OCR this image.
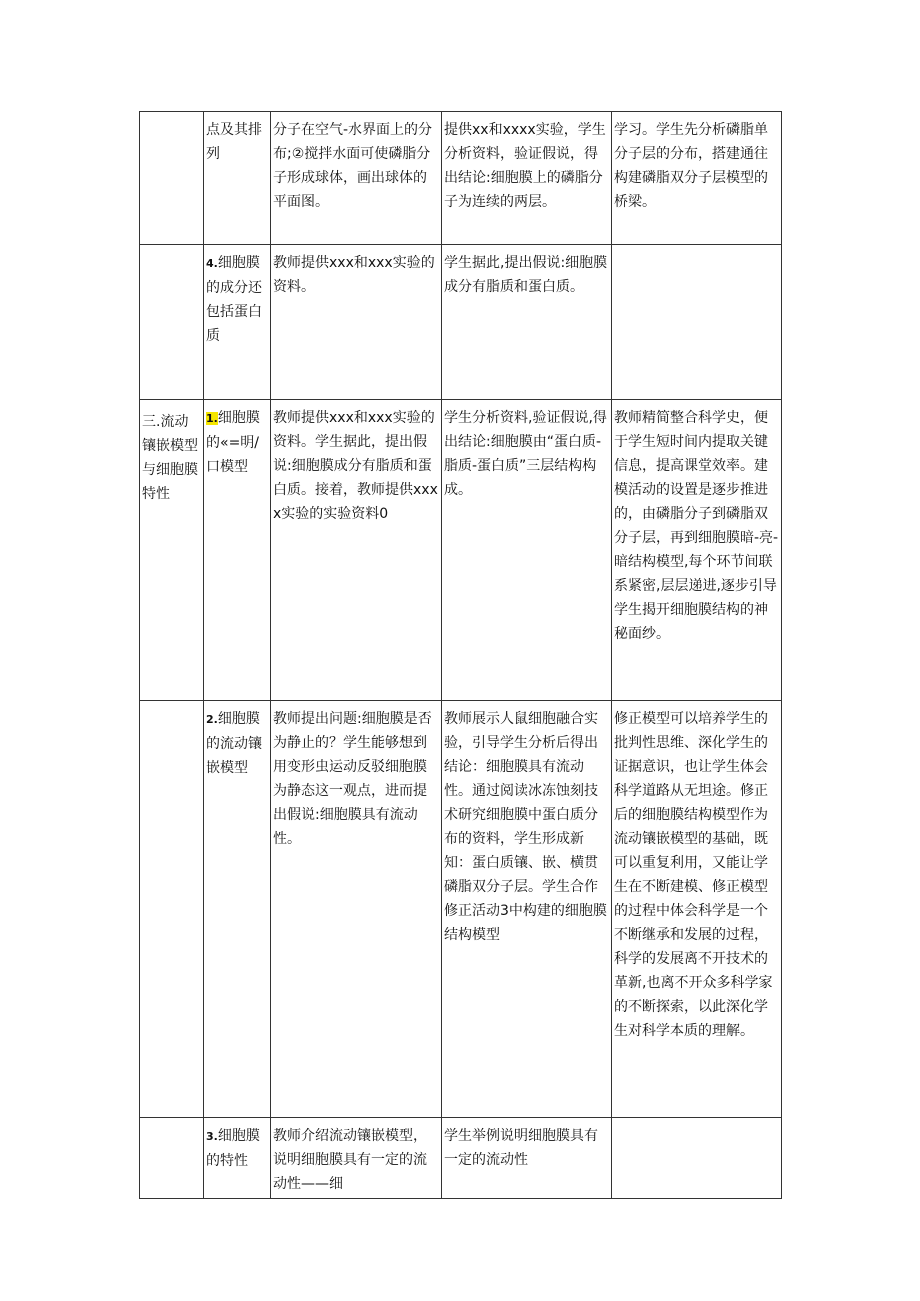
	点及其排列	分子在空气-水界面上的分布;②搅拌水面可使磷脂分子形成球体，画出球体的平面图。	提供xx和xxxx实验，学生分析资料，验证假说，得出结论:细胞膜上的磷脂分子为连续的两层。	学习。学生先分析磷脂单分子层的分布，搭建通往构建磷脂双分子层模型的桥梁。
	4.细胞膜的成分还包括蛋白质	教师提供xxx和xxx实验的资料。	学生据此,提出假说:细胞膜成分有脂质和蛋白质。	
三.流动镶嵌模型与细胞膜特性	1.细胞膜的«=明/口模型	教师提供xxx和xxx实验的资料。学生据此，提出假说:细胞膜成分有脂质和蛋白质。接着，教师提供xxxx实验的实验资料0	学生分析资料,验证假说,得出结论:细胞膜由“蛋白质-脂质-蛋白质”三层结构构成。	教师精简整合科学史，便于学生短时间内提取关键信息，提高课堂效率。建模活动的设置是逐步推进的，由磷脂分子到磷脂双分子层，再到细胞膜暗-亮-暗结构模型,每个环节间联系紧密,层层递进,逐步引导学生揭开细胞膜结构的神秘面纱。
	2.细胞膜的流动镶嵌模型	教师提出问题:细胞膜是否为静止的？学生能够想到用变形虫运动反驳细胞膜为静态这一观点，进而提出假说:细胞膜具有流动性。	教师展示人鼠细胞融合实验，引导学生分析后得出结论：细胞膜具有流动性。通过阅读冰冻蚀刻技术研究细胞膜中蛋白质分布的资料，学生形成新知：蛋白质镶、嵌、横贯磷脂双分子层。学生合作修正活动3中构建的细胞膜结构模型	修正模型可以培养学生的批判性思维、深化学生的证据意识，也让学生体会科学道路从无坦途。修正后的细胞膜结构模型作为流动镶嵌模型的基础，既可以重复利用，又能让学生在不断建模、修正模型的过程中体会科学是一个不断继承和发展的过程，科学的发展离不开技术的革新,也离不开众多科学家的不断探索，以此深化学生对科学本质的理解。
	3.细胞膜的特性	教师介绍流动镶嵌模型，说明细胞膜具有一定的流动性——细	学生举例说明细胞膜具有一定的流动性	
